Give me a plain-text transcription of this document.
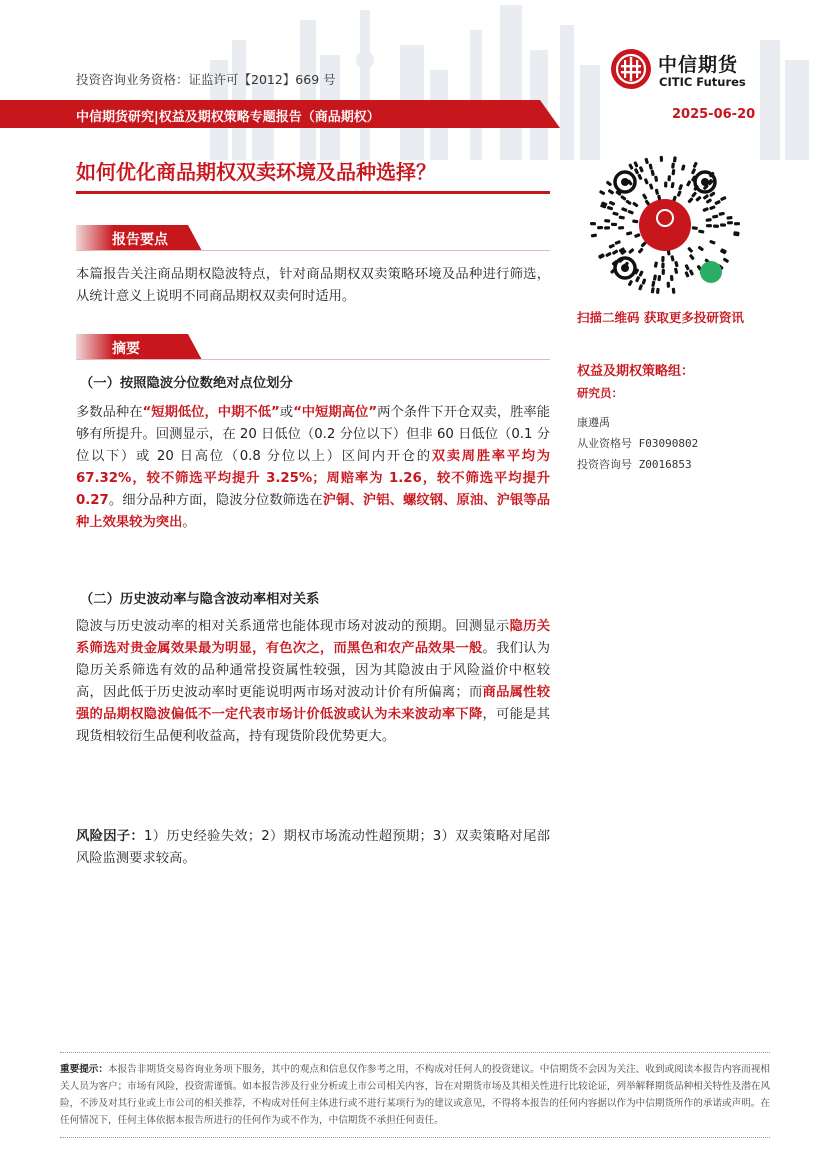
投资咨询业务资格：证监许可【2012】669 号
中信期货
CITIC Futures
中信期货研究|权益及期权策略专题报告（商品期权）	2025-06-20
如何优化商品期权双卖环境及品种选择？
报告要点
本篇报告关注商品期权隐波特点，针对商品期权双卖策略环境及品种进行筛选，从统计意义上说明不同商品期权双卖何时适用。
摘要
（一）按照隐波分位数绝对点位划分
多数品种在“短期低位，中期不低”或“中短期高位”两个条件下开仓双卖，胜率能够有所提升。回测显示，在 20 日低位（0.2 分位以下）但非 60 日低位（0.1 分位以下）或 20 日高位（0.8 分位以上）区间内开仓的双卖周胜率平均为 67.32%，较不筛选平均提升 3.25%；周赔率为 1.26，较不筛选平均提升 0.27。细分品种方面，隐波分位数筛选在沪铜、沪铝、螺纹钢、原油、沪银等品种上效果较为突出。
（二）历史波动率与隐含波动率相对关系
隐波与历史波动率的相对关系通常也能体现市场对波动的预期。回测显示隐历关系筛选对贵金属效果最为明显，有色次之，而黑色和农产品效果一般。我们认为隐历关系筛选有效的品种通常投资属性较强，因为其隐波由于风险溢价中枢较高，因此低于历史波动率时更能说明两市场对波动计价有所偏离；而商品属性较强的品期权隐波偏低不一定代表市场计价低波或认为未来波动率下降，可能是其现货相较衍生品便利收益高，持有现货阶段优势更大。
风险因子：1）历史经验失效；2）期权市场流动性超预期；3）双卖策略对尾部风险监测要求较高。
扫描二维码 获取更多投研资讯
权益及期权策略组：
研究员：
康遵禹
从业资格号 F03090802
投资咨询号 Z0016853
重要提示：本报告非期货交易咨询业务项下服务，其中的观点和信息仅作参考之用，不构成对任何人的投资建议。中信期货不会因为关注、收到或阅读本报告内容而视相关人员为客户；市场有风险，投资需谨慎。如本报告涉及行业分析或上市公司相关内容，旨在对期货市场及其相关性进行比较论证，列举解释期货品种相关特性及潜在风险，不涉及对其行业或上市公司的相关推荐，不构成对任何主体进行或不进行某项行为的建议或意见，不得将本报告的任何内容据以作为中信期货所作的承诺或声明。在任何情况下，任何主体依据本报告所进行的任何作为或不作为，中信期货不承担任何责任。
